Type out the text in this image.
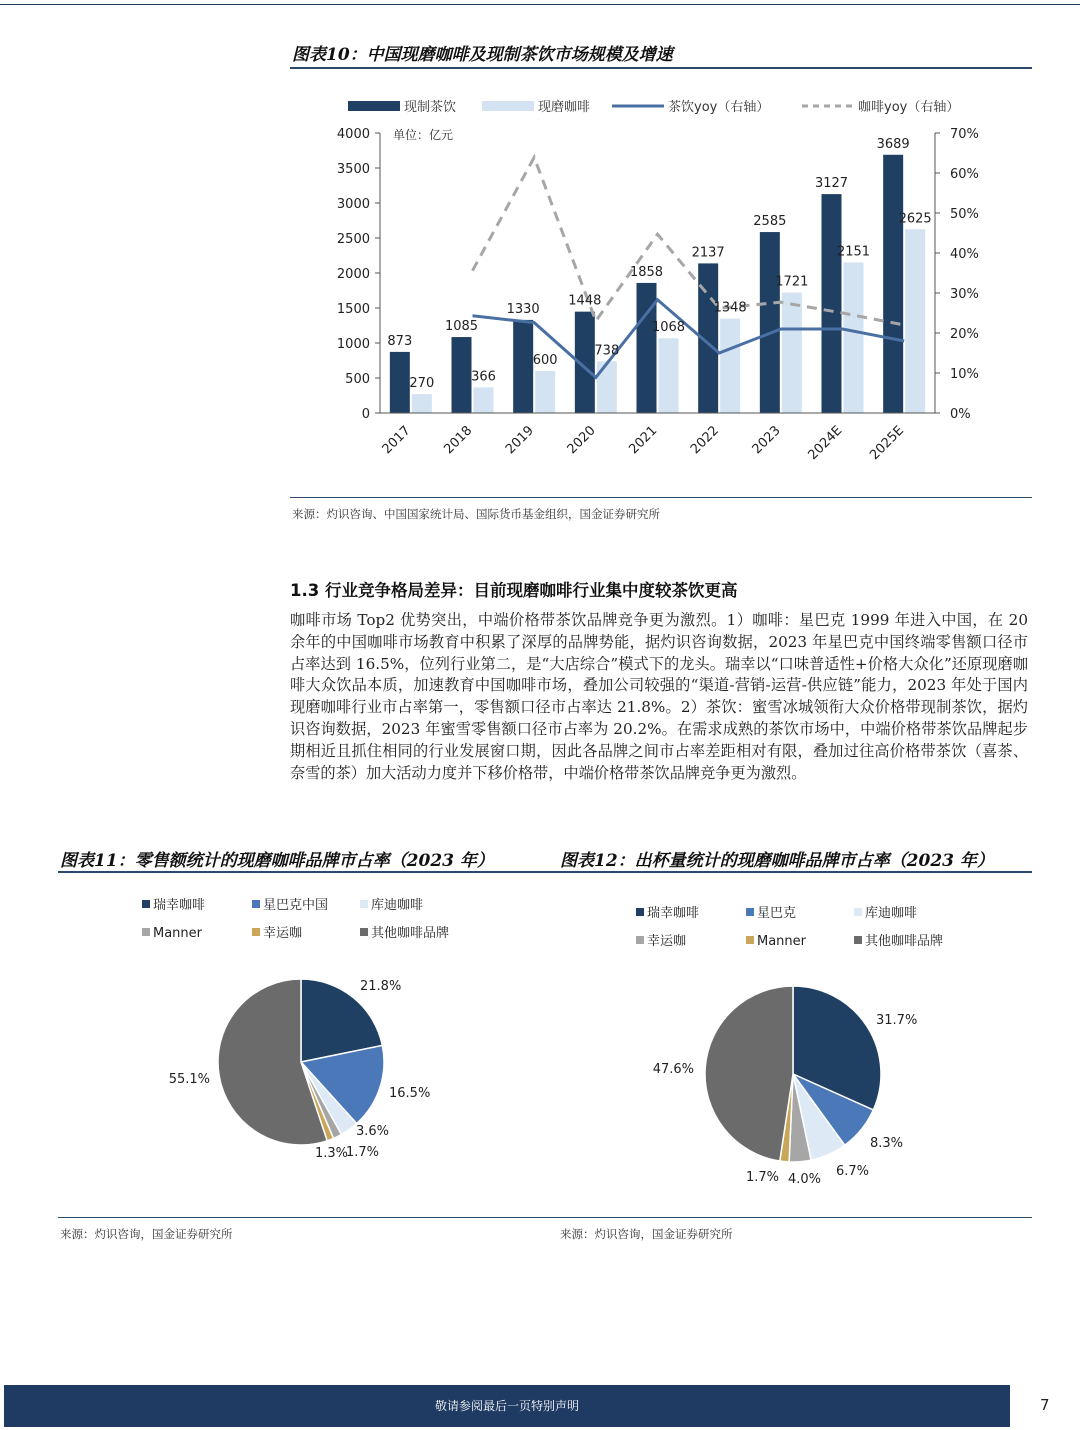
图表10：中国现磨咖啡及现制茶饮市场规模及增速
现制茶饮	现磨咖啡	茶饮yoy（右轴）	咖啡yoy（右轴）
单位：亿元
0
500
1000
1500
2000
2500
3000
3500
4000
0%
10%
20%
30%
40%
50%
60%
70%
2017 2018 2019 2020 2021 2022 2023 2024E 2025E
873
270
1085
366
1330
600
1448
738
1858
1068
2137
1348
2585
1721
3127
2151
3689
2625
来源：灼识咨询、中国国家统计局、国际货币基金组织，国金证券研究所
1.3 行业竞争格局差异：目前现磨咖啡行业集中度较茶饮更高
咖啡市场 Top2 优势突出，中端价格带茶饮品牌竞争更为激烈。1）咖啡：星巴克 1999 年进入中国，在 20 余年的中国咖啡市场教育中积累了深厚的品牌势能，据灼识咨询数据，2023 年星巴克中国终端零售额口径市占率达到 16.5%，位列行业第二，是“大店综合”模式下的龙头。瑞幸以“口味普适性+价格大众化”还原现磨咖啡大众饮品本质，加速教育中国咖啡市场，叠加公司较强的“渠道-营销-运营-供应链”能力，2023 年处于国内现磨咖啡行业市占率第一，零售额口径市占率达 21.8%。2）茶饮：蜜雪冰城领衔大众价格带现制茶饮，据灼识咨询数据，2023 年蜜雪零售额口径市占率为 20.2%。在需求成熟的茶饮市场中，中端价格带茶饮品牌起步期相近且抓住相同的行业发展窗口期，因此各品牌之间市占率差距相对有限，叠加过往高价格带茶饮（喜茶、奈雪的茶）加大活动力度并下移价格带，中端价格带茶饮品牌竞争更为激烈。
图表11：零售额统计的现磨咖啡品牌市占率（2023 年）	图表12：出杯量统计的现磨咖啡品牌市占率（2023 年）
瑞幸咖啡	星巴克中国	库迪咖啡
Manner	幸运咖	其他咖啡品牌
21.8%
16.5%
3.6%
1.7%
1.3%
55.1%
瑞幸咖啡	星巴克	库迪咖啡
幸运咖	Manner	其他咖啡品牌
31.7%
8.3%
6.7%
4.0%
1.7%
47.6%
来源：灼识咨询，国金证券研究所	来源：灼识咨询，国金证券研究所
敬请参阅最后一页特别声明	7
